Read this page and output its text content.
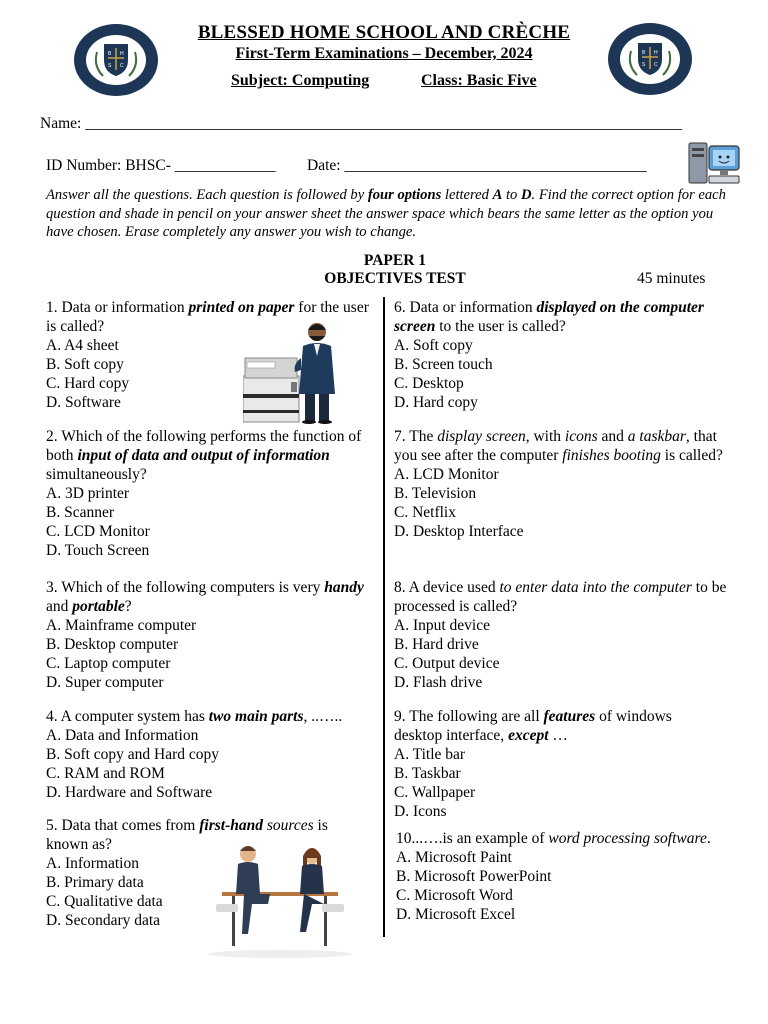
B H
S C
B H
S C
BLESSED HOME SCHOOL AND CRÈCHE
First-Term Examinations – December, 2024
Subject: Computing	Class: Basic Five
Name: _____________________________________________________________________________
ID Number: BHSC- _____________ Date: _______________________________________
Answer all the questions. Each question is followed by four options lettered A to D. Find the correct option for each question and shade in pencil on your answer sheet the answer space which bears the same letter as the option you have chosen. Erase completely any answer you wish to change.
PAPER 1
OBJECTIVES TEST	45 minutes

1. Data or information printed on paper for the user is called?

A. A4 sheet
B. Soft copy
C. Hard copy
D. Software

2. Which of the following performs the function of both input of data and output of information simultaneously?

A. 3D printer
B. Scanner
C. LCD Monitor
D. Touch Screen

3. Which of the following computers is very handy and portable?

A. Mainframe computer
B. Desktop computer
C. Laptop computer
D. Super computer

4. A computer system has two main parts, ..…..

A. Data and Information
B. Soft copy and Hard copy
C. RAM and ROM
D. Hardware and Software

5. Data that comes from first-hand sources is known as?

A. Information
B. Primary data
C. Qualitative data
D. Secondary data

6. Data or information displayed on the computer screen to the user is called?

A. Soft copy
B. Screen touch
C. Desktop
D. Hard copy

7. The display screen, with icons and a taskbar, that you see after the computer finishes booting is called?

A. LCD Monitor
B. Television
C. Netflix
D. Desktop Interface

8. A device used to enter data into the computer to be processed is called?

A. Input device
B. Hard drive
C. Output device
D. Flash drive

9. The following are all features of windows desktop interface, except …

A. Title bar
B. Taskbar
C. Wallpaper
D. Icons

10...….is an example of word processing software.

A. Microsoft Paint
B. Microsoft PowerPoint
C. Microsoft Word
D. Microsoft Excel
